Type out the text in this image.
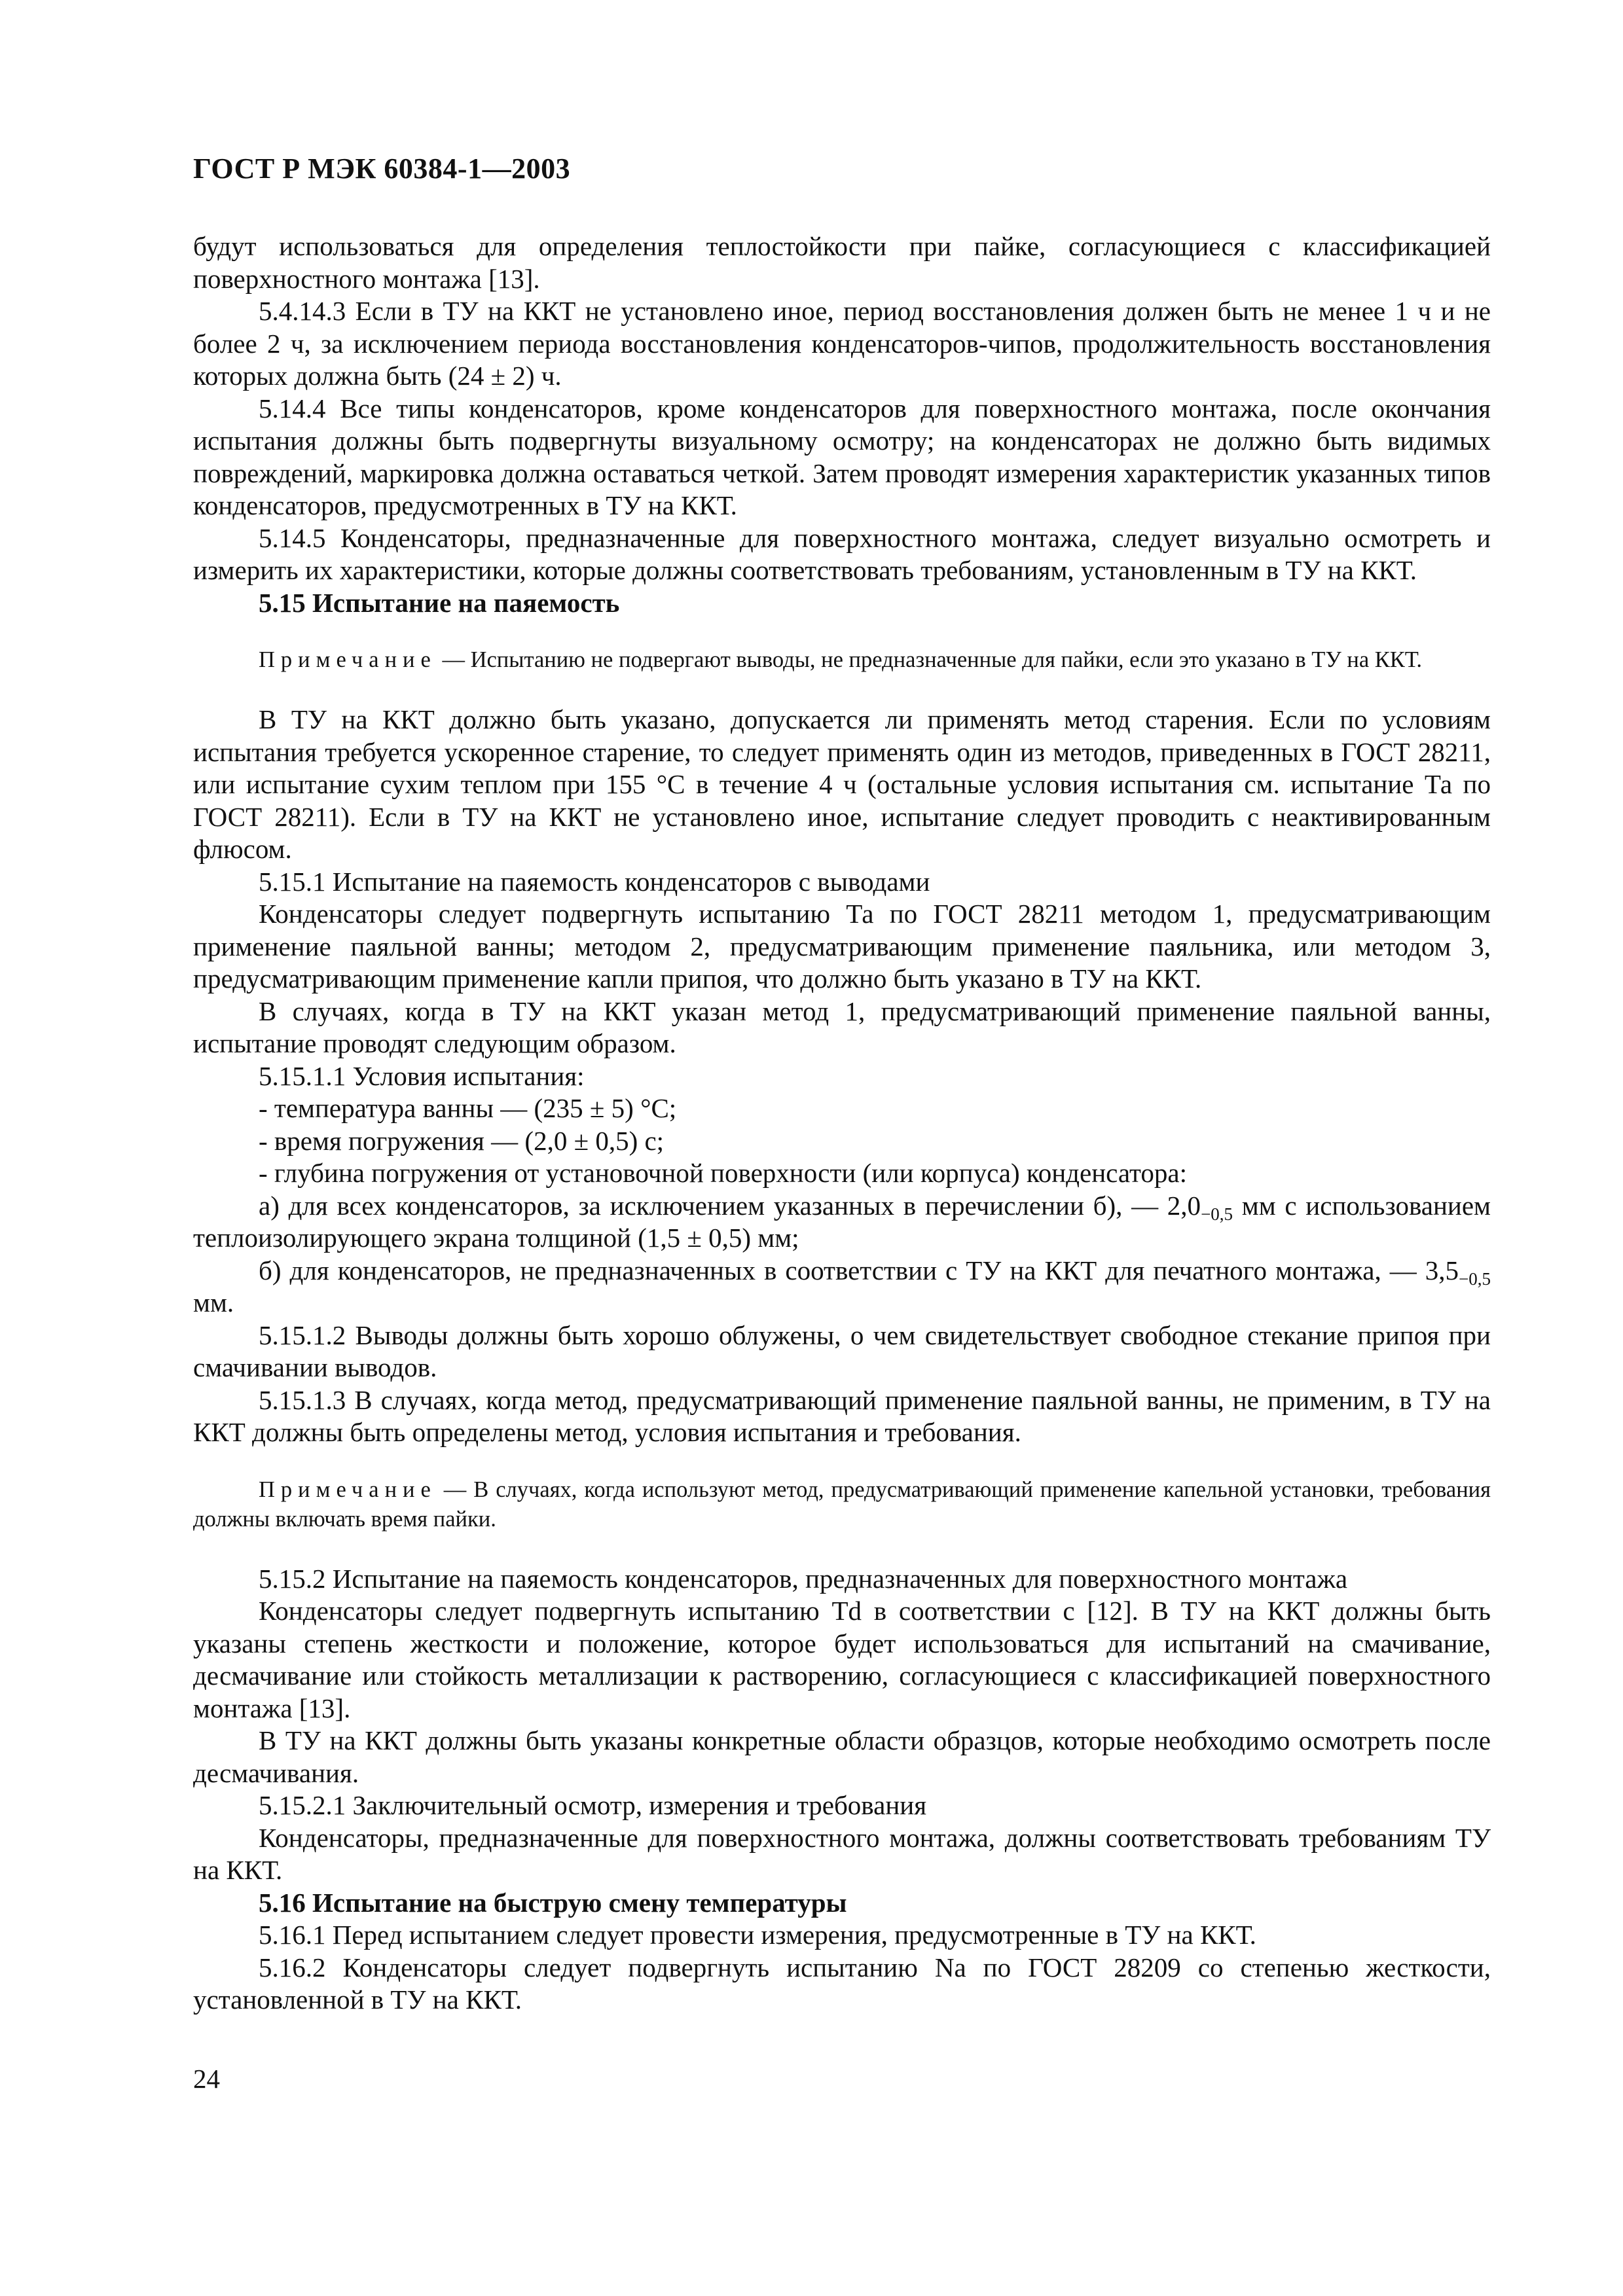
ГОСТ Р МЭК 60384-1—2003

будут использоваться для определения теплостойкости при пайке, согласующиеся с классификацией поверхностного монтажа [13].

5.4.14.3 Если в ТУ на ККТ не установлено иное, период восстановления должен быть не менее 1 ч и не более 2 ч, за исключением периода восстановления конденсаторов-чипов, продолжительность восстановления которых должна быть (24 ± 2) ч.

5.14.4 Все типы конденсаторов, кроме конденсаторов для поверхностного монтажа, после окончания испытания должны быть подвергнуты визуальному осмотру; на конденсаторах не должно быть видимых повреждений, маркировка должна оставаться четкой. Затем проводят измерения характеристик указанных типов конденсаторов, предусмотренных в ТУ на ККТ.

5.14.5 Конденсаторы, предназначенные для поверхностного монтажа, следует визуально осмотреть и измерить их характеристики, которые должны соответствовать требованиям, установленным в ТУ на ККТ.

5.15 Испытание на паяемость

Примечание — Испытанию не подвергают выводы, не предназначенные для пайки, если это указано в ТУ на ККТ.

В ТУ на ККТ должно быть указано, допускается ли применять метод старения. Если по условиям испытания требуется ускоренное старение, то следует применять один из методов, приведенных в ГОСТ 28211, или испытание сухим теплом при 155 °С в течение 4 ч (остальные условия испытания см. испытание Та по ГОСТ 28211). Если в ТУ на ККТ не установлено иное, испытание следует проводить с неактивированным флюсом.

5.15.1 Испытание на паяемость конденсаторов с выводами

Конденсаторы следует подвергнуть испытанию Та по ГОСТ 28211 методом 1, предусматривающим применение паяльной ванны; методом 2, предусматривающим применение паяльника, или методом 3, предусматривающим применение капли припоя, что должно быть указано в ТУ на ККТ.

В случаях, когда в ТУ на ККТ указан метод 1, предусматривающий применение паяльной ванны, испытание проводят следующим образом.

5.15.1.1 Условия испытания:

- температура ванны — (235 ± 5) °С;

- время погружения — (2,0 ± 0,5) с;

- глубина погружения от установочной поверхности (или корпуса) конденсатора:

а) для всех конденсаторов, за исключением указанных в перечислении б), — $2,0_{-0,5}$ мм с использованием теплоизолирующего экрана толщиной (1,5 ± 0,5) мм;

б) для конденсаторов, не предназначенных в соответствии с ТУ на ККТ для печатного монтажа, — $3,5_{-0,5}$ мм.

5.15.1.2 Выводы должны быть хорошо облужены, о чем свидетельствует свободное стекание припоя при смачивании выводов.

5.15.1.3 В случаях, когда метод, предусматривающий применение паяльной ванны, не применим, в ТУ на ККТ должны быть определены метод, условия испытания и требования.

Примечание — В случаях, когда используют метод, предусматривающий применение капельной установки, требования должны включать время пайки.

5.15.2 Испытание на паяемость конденсаторов, предназначенных для поверхностного монтажа

Конденсаторы следует подвергнуть испытанию Td в соответствии с [12]. В ТУ на ККТ должны быть указаны степень жесткости и положение, которое будет использоваться для испытаний на смачивание, десмачивание или стойкость металлизации к растворению, согласующиеся с классификацией поверхностного монтажа [13].

В ТУ на ККТ должны быть указаны конкретные области образцов, которые необходимо осмотреть после десмачивания.

5.15.2.1 Заключительный осмотр, измерения и требования

Конденсаторы, предназначенные для поверхностного монтажа, должны соответствовать требованиям ТУ на ККТ.

5.16 Испытание на быструю смену температуры

5.16.1 Перед испытанием следует провести измерения, предусмотренные в ТУ на ККТ.

5.16.2 Конденсаторы следует подвергнуть испытанию Na по ГОСТ 28209 со степенью жесткости, установленной в ТУ на ККТ.

24
